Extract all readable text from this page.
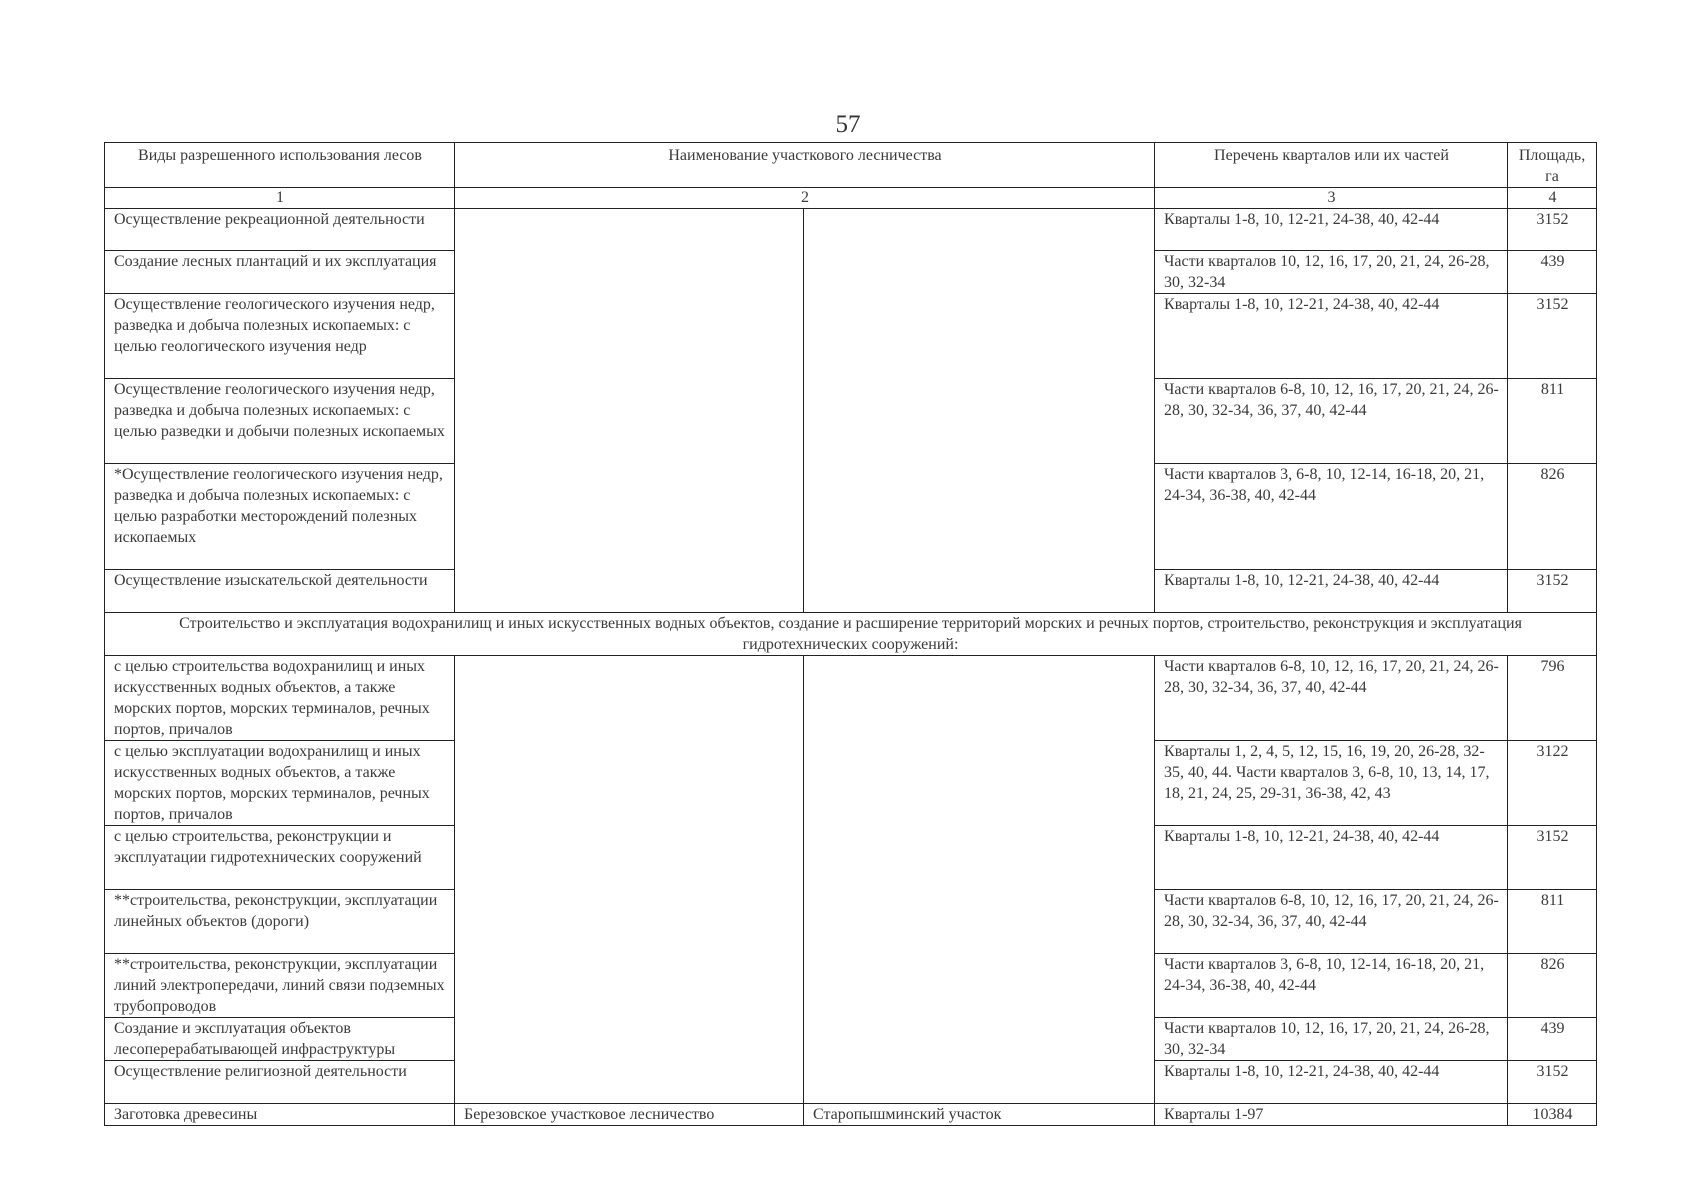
57
Виды разрешенного использования лесов	Наименование участкового лесничества		Перечень кварталов или их частей	Площадь, га
1	2		3	4
Осуществление рекреационной деятельности			Кварталы 1-8, 10, 12-21, 24-38, 40, 42-44	3152
Создание лесных плантаций и их эксплуатация			Части кварталов 10, 12, 16, 17, 20, 21, 24, 26-28, 30, 32-34	439
Осуществление геологического изучения недр, разведка и добыча полезных ископаемых: с целью геологического изучения недр			Кварталы 1-8, 10, 12-21, 24-38, 40, 42-44	3152
Осуществление геологического изучения недр, разведка и добыча полезных ископаемых: с целью разведки и добычи полезных ископаемых			Части кварталов 6-8, 10, 12, 16, 17, 20, 21, 24, 26-28, 30, 32-34, 36, 37, 40, 42-44	811
*Осуществление геологического изучения недр, разведка и добыча полезных ископаемых: с целью разработки месторождений полезных ископаемых			Части кварталов 3, 6-8, 10, 12-14, 16-18, 20, 21, 24-34, 36-38, 40, 42-44	826
Осуществление изыскательской деятельности			Кварталы 1-8, 10, 12-21, 24-38, 40, 42-44	3152
Строительство и эксплуатация водохранилищ и иных искусственных водных объектов, создание и расширение территорий морских и речных портов, строительство, реконструкция и эксплуатация гидротехнических сооружений:				
с целью строительства водохранилищ и иных искусственных водных объектов, а также морских портов, морских терминалов, речных портов, причалов			Части кварталов 6-8, 10, 12, 16, 17, 20, 21, 24, 26-28, 30, 32-34, 36, 37, 40, 42-44	796
с целью эксплуатации водохранилищ и иных искусственных водных объектов, а также морских портов, морских терминалов, речных портов, причалов			Кварталы 1, 2, 4, 5, 12, 15, 16, 19, 20, 26-28, 32-35, 40, 44. Части кварталов 3, 6-8, 10, 13, 14, 17, 18, 21, 24, 25, 29-31, 36-38, 42, 43	3122
с целью строительства, реконструкции и эксплуатации гидротехнических сооружений			Кварталы 1-8, 10, 12-21, 24-38, 40, 42-44	3152
**строительства, реконструкции, эксплуатации линейных объектов (дороги)			Части кварталов 6-8, 10, 12, 16, 17, 20, 21, 24, 26-28, 30, 32-34, 36, 37, 40, 42-44	811
**строительства, реконструкции, эксплуатации линий электропередачи, линий связи подземных трубопроводов			Части кварталов 3, 6-8, 10, 12-14, 16-18, 20, 21, 24-34, 36-38, 40, 42-44	826
Создание и эксплуатация объектов лесоперерабатывающей инфраструктуры			Части кварталов 10, 12, 16, 17, 20, 21, 24, 26-28, 30, 32-34	439
Осуществление религиозной деятельности			Кварталы 1-8, 10, 12-21, 24-38, 40, 42-44	3152
Заготовка древесины	Березовское участковое лесничество	Старопышминский участок	Кварталы 1-97	10384
